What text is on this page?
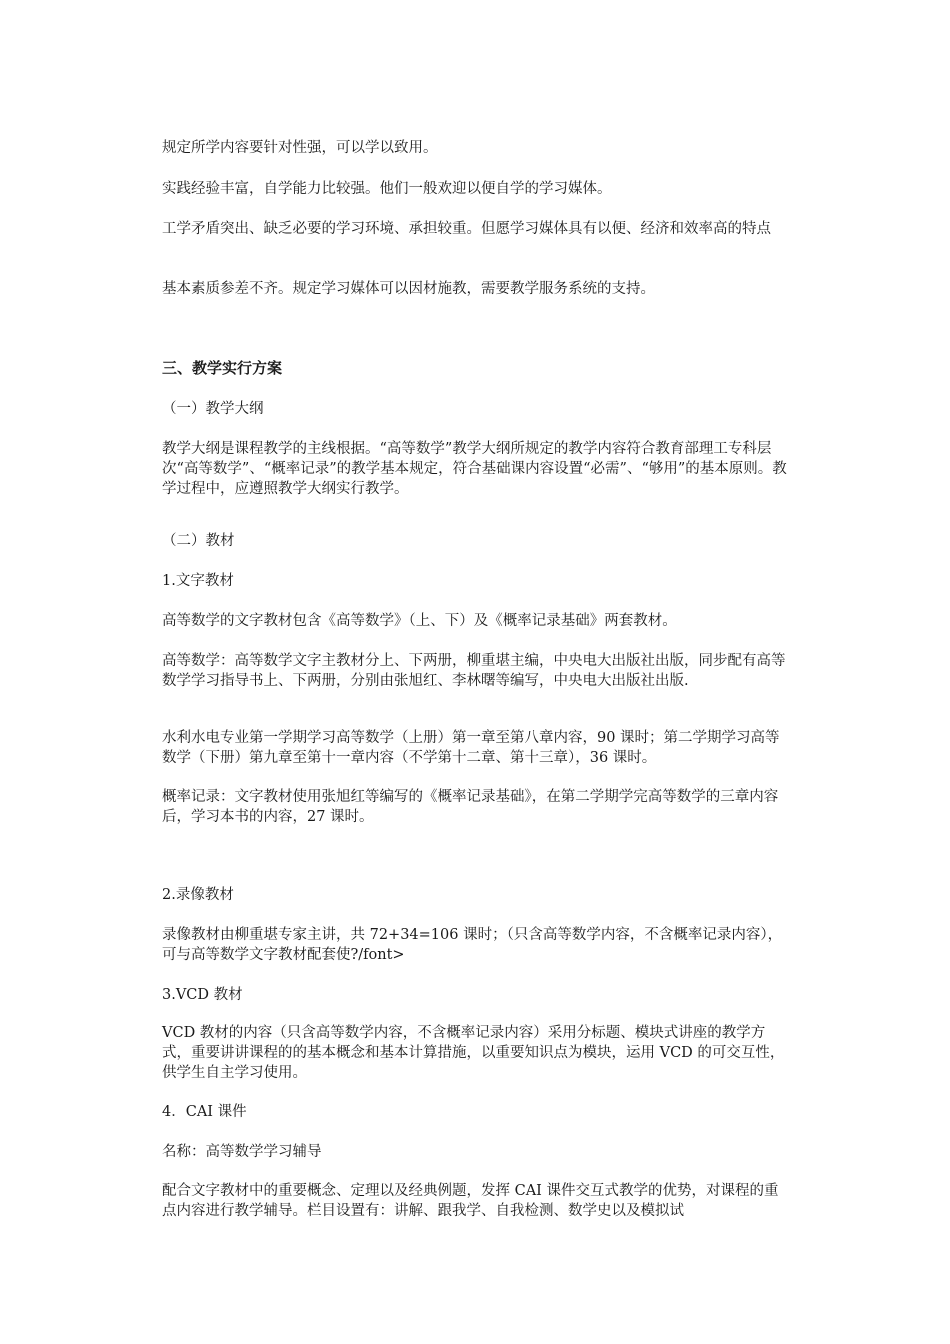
规定所学内容要针对性强，可以学以致用。

实践经验丰富，自学能力比较强。他们一般欢迎以便自学的学习媒体。

工学矛盾突出、缺乏必要的学习环境、承担较重。但愿学习媒体具有以便、经济和效率高的特点

基本素质参差不齐。规定学习媒体可以因材施教，需要教学服务系统的支持。

三、教学实行方案

（一）教学大纲

教学大纲是课程教学的主线根据。“高等数学”教学大纲所规定的教学内容符合教育部理工专科层次“高等数学”、“概率记录”的教学基本规定，符合基础课内容设置“必需”、“够用”的基本原则。教学过程中，应遵照教学大纲实行教学。

（二）教材

1.文字教材

高等数学的文字教材包含《高等数学》（上、下）及《概率记录基础》两套教材。

高等数学：高等数学文字主教材分上、下两册，柳重堪主编，中央电大出版社出版，同步配有高等数学学习指导书上、下两册，分别由张旭红、李林曙等编写，中央电大出版社出版.

水利水电专业第一学期学习高等数学（上册）第一章至第八章内容，90 课时；第二学期学习高等数学（下册）第九章至第十一章内容（不学第十二章、第十三章），36 课时。

概率记录：文字教材使用张旭红等编写的《概率记录基础》，在第二学期学完高等数学的三章内容后，学习本书的内容，27 课时。

2.录像教材

录像教材由柳重堪专家主讲，共 72+34=106 课时；（只含高等数学内容，不含概率记录内容），可与高等数学文字教材配套使?/font>

3.VCD 教材

VCD 教材的内容（只含高等数学内容，不含概率记录内容）采用分标题、模块式讲座的教学方式，重要讲讲课程的的基本概念和基本计算措施，以重要知识点为模块，运用 VCD 的可交互性，供学生自主学习使用。

4．CAI 课件

名称：高等数学学习辅导

配合文字教材中的重要概念、定理以及经典例题，发挥 CAI 课件交互式教学的优势，对课程的重点内容进行教学辅导。栏目设置有：讲解、跟我学、自我检测、数学史以及模拟试
